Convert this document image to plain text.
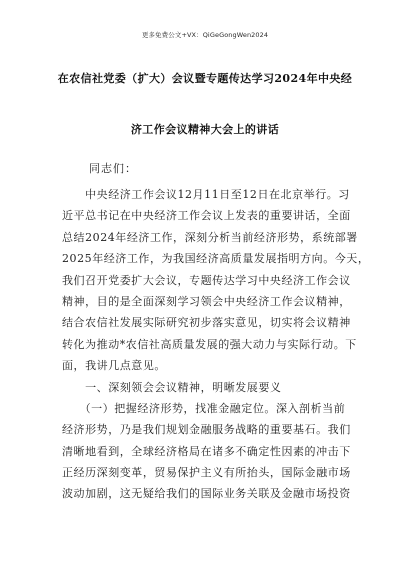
更多免费公文+VX：QiGeGongWen2024
在农信社党委（扩大）会议暨专题传达学习2024年中央经
济工作会议精神大会上的讲话
同志们：
　　中央经济工作会议12月11日至12日在北京举行。习
近平总书记在中央经济工作会议上发表的重要讲话，全面
总结2024年经济工作，深刻分析当前经济形势，系统部署
2025年经济工作，为我国经济高质量发展指明方向。今天，
我们召开党委扩大会议，专题传达学习中央经济工作会议
精神，目的是全面深刻学习领会中央经济工作会议精神，
结合农信社发展实际研究初步落实意见，切实将会议精神
转化为推动*农信社高质量发展的强大动力与实际行动。下
面，我讲几点意见。
　　一、深刻领会会议精神，明晰发展要义
　　（一）把握经济形势，找准金融定位。深入剖析当前
经济形势，乃是我们规划金融服务战略的重要基石。我们
清晰地看到，全球经济格局在诸多不确定性因素的冲击下
正经历深刻变革，贸易保护主义有所抬头，国际金融市场
波动加剧，这无疑给我们的国际业务关联及金融市场投资
